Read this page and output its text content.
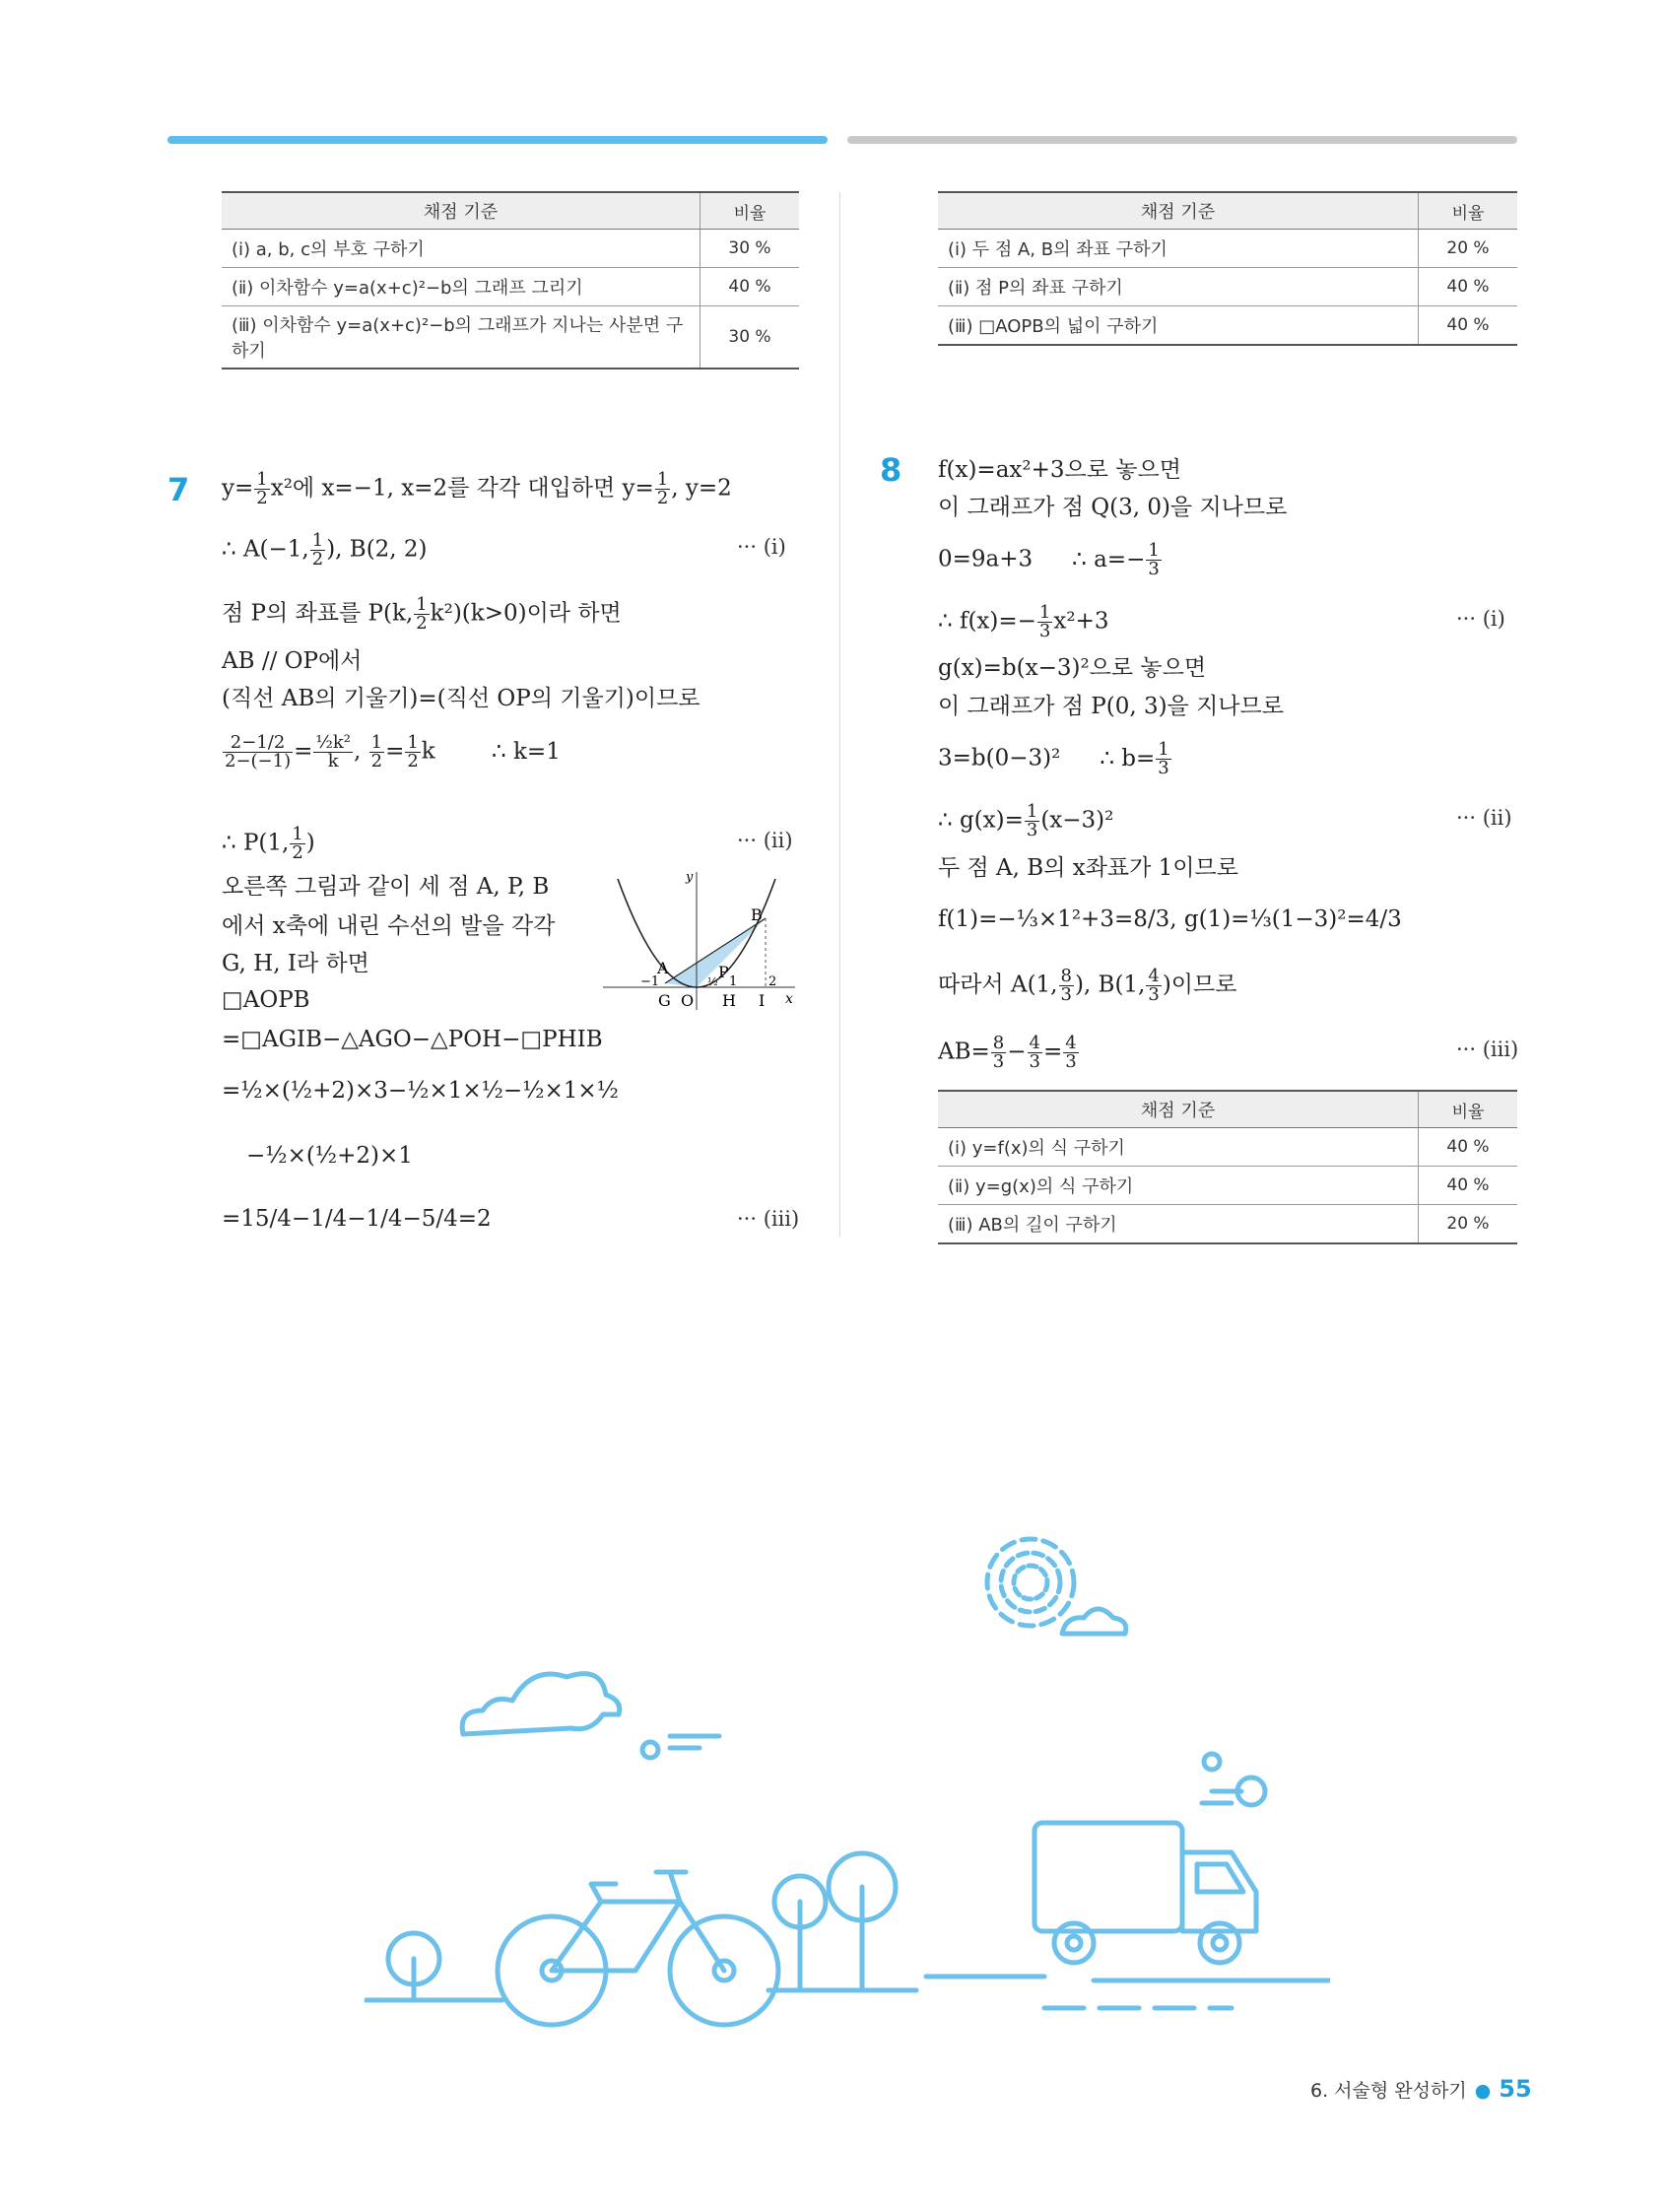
채점 기준	비율
(ⅰ) a, b, c의 부호 구하기	30 %
(ⅱ) 이차함수 y=a(x+c)²−b의 그래프 그리기	40 %
(ⅲ) 이차함수 y=a(x+c)²−b의 그래프가 지나는 사분면 구하기	30 %
채점 기준	비율
(ⅰ) 두 점 A, B의 좌표 구하기	20 %
(ⅱ) 점 P의 좌표 구하기	40 %
(ⅲ) □AOPB의 넓이 구하기	40 %
7 $y= \frac{1}{2} x^2$에 x=−1, x=2를 각각 대입하면 $y= \frac{1}{2}$ , y=2
∴ A(−1, $\frac{1}{2}$ ), B(2, 2)	··· (ⅰ)
점 P의 좌표를 P(k, $\frac{1}{2} k^2)(k>0)$이라 하면
AB // OP에서
(직선 AB의 기울기)=(직선 OP의 기울기)이므로
$\frac{2-1/2}{2-(-1)} = \frac{\text{½k²}}{k}$ , $\frac{1}{2} = \frac{1}{2}$ k ∴ k=1
∴ P(1, $\frac{1}{2}$ )	··· (ⅱ)
오른쪽 그림과 같이 세 점 A, P, B
에서 x축에 내린 수선의 발을 각각
G, H, I라 하면
□AOPB
=□AGIB−△AGO−△POH−□PHIB
=½×(½+2)×3−½×1×½−½×1×½
−½×(½+2)×1
=15/4−1/4−1/4−5/4=2	··· (ⅲ)
y
x
A
B
P
G O H I
−1	½ 1 2
8 f(x)=ax²+3으로 놓으면
이 그래프가 점 Q(3, 0)을 지나므로
0=9a+3 ∴ $a=- \frac{1}{3}$
∴ $f(x)=- \frac{1}{3} x^2+3$	··· (ⅰ)
g(x)=b(x−3)²으로 놓으면
이 그래프가 점 P(0, 3)을 지나므로
3=b(0−3)² ∴ $b= \frac{1}{3}$
∴ $g(x)= \frac{1}{3} (x-3)^2$	··· (ⅱ)
두 점 A, B의 x좌표가 1이므로
f(1)=−⅓×1²+3=8/3, g(1)=⅓(1−3)²=4/3
따라서 A(1, $\frac{8}{3}$ ), B(1, $\frac{4}{3}$ )이므로
$AB= \frac{8}{3} - \frac{4}{3} = \frac{4}{3}$	··· (ⅲ)
채점 기준	비율
(ⅰ) y=f(x)의 식 구하기	40 %
(ⅱ) y=g(x)의 식 구하기	40 %
(ⅲ) AB의 길이 구하기	20 %
6. 서술형 완성하기 ● 55
